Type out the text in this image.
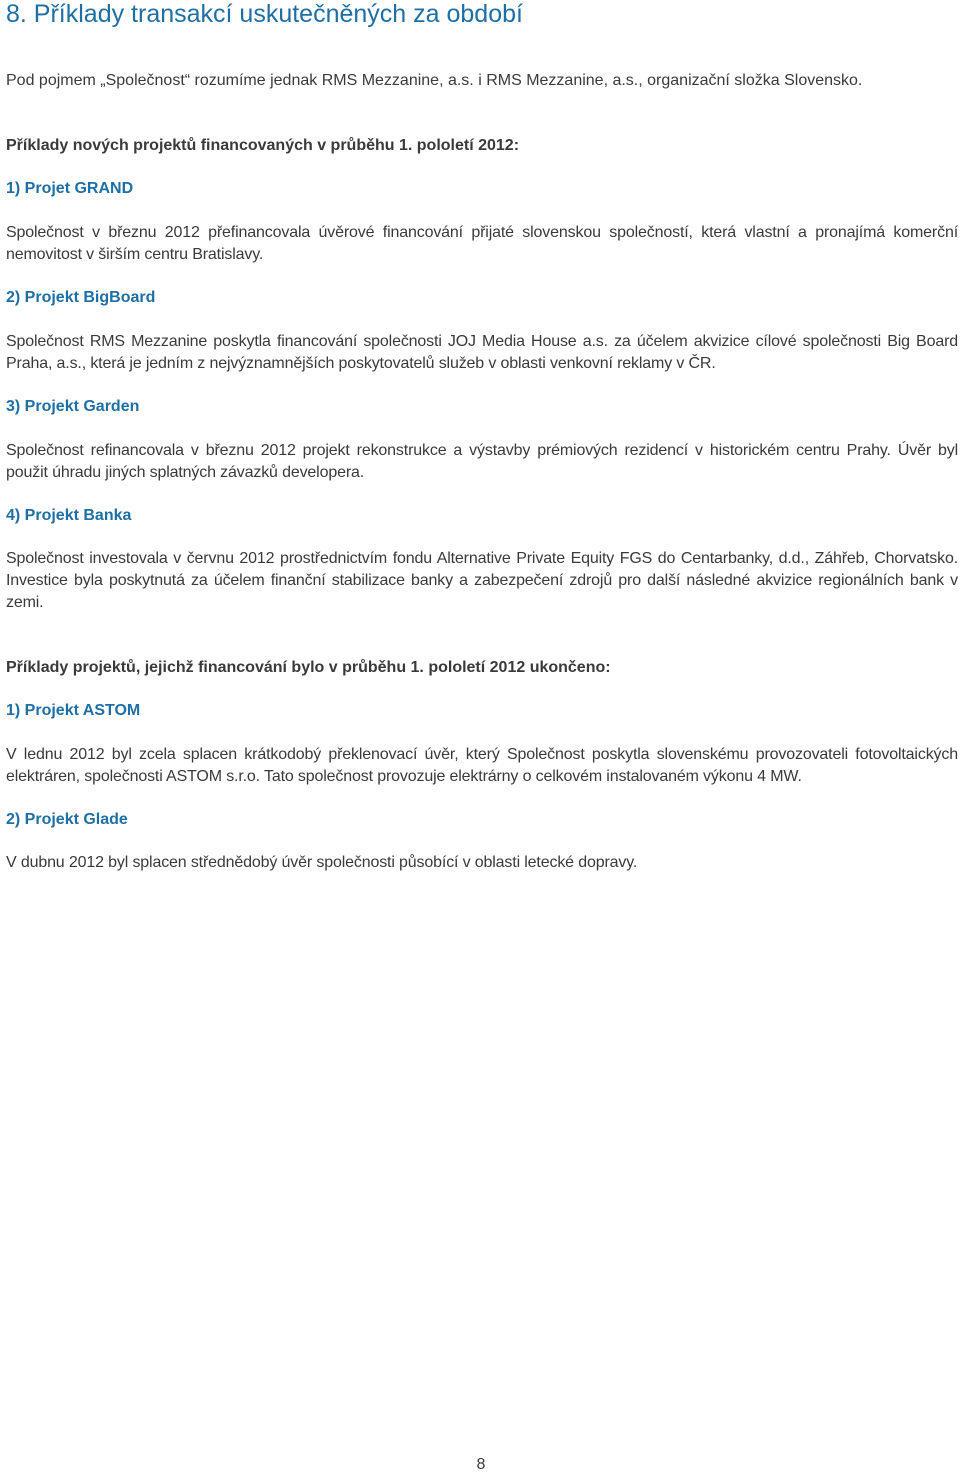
8. Příklady transakcí uskutečněných za období

Pod pojmem „Společnost“ rozumíme jednak RMS Mezzanine, a.s. i RMS Mezzanine, a.s., organizační složka Slovensko.

Příklady nových projektů financovaných v průběhu 1. pololetí 2012:
1) Projet GRAND

Společnost v březnu 2012 přefinancovala úvěrové financování přijaté slovenskou společností, která vlastní a pronajímá komerční nemovitost v širším centru Bratislavy.

2) Projekt BigBoard

Společnost RMS Mezzanine poskytla financování společnosti JOJ Media House a.s. za účelem akvizice cílové společnosti Big Board Praha, a.s., která je jedním z nejvýznamnějších poskytovatelů služeb v oblasti venkovní reklamy v ČR.

3) Projekt Garden

Společnost refinancovala v březnu 2012 projekt rekonstrukce a výstavby prémiových rezidencí v historickém centru Prahy. Úvěr byl použit úhradu jiných splatných závazků developera.

4) Projekt Banka

Společnost investovala v červnu 2012 prostřednictvím fondu Alternative Private Equity FGS do Centarbanky, d.d., Záhřeb, Chorvatsko. Investice byla poskytnutá za účelem finanční stabilizace banky a zabezpečení zdrojů pro další následné akvizice regionálních bank v zemi.

Příklady projektů, jejichž financování bylo v průběhu 1. pololetí 2012 ukončeno:
1) Projekt ASTOM

V lednu 2012 byl zcela splacen krátkodobý překlenovací úvěr, který Společnost poskytla slovenskému provozovateli fotovoltaických elektráren, společnosti ASTOM s.r.o. Tato společnost provozuje elektrárny o celkovém instalovaném výkonu 4 MW.

2) Projekt Glade

V dubnu 2012 byl splacen střednědobý úvěr společnosti působící v oblasti letecké dopravy.

8
